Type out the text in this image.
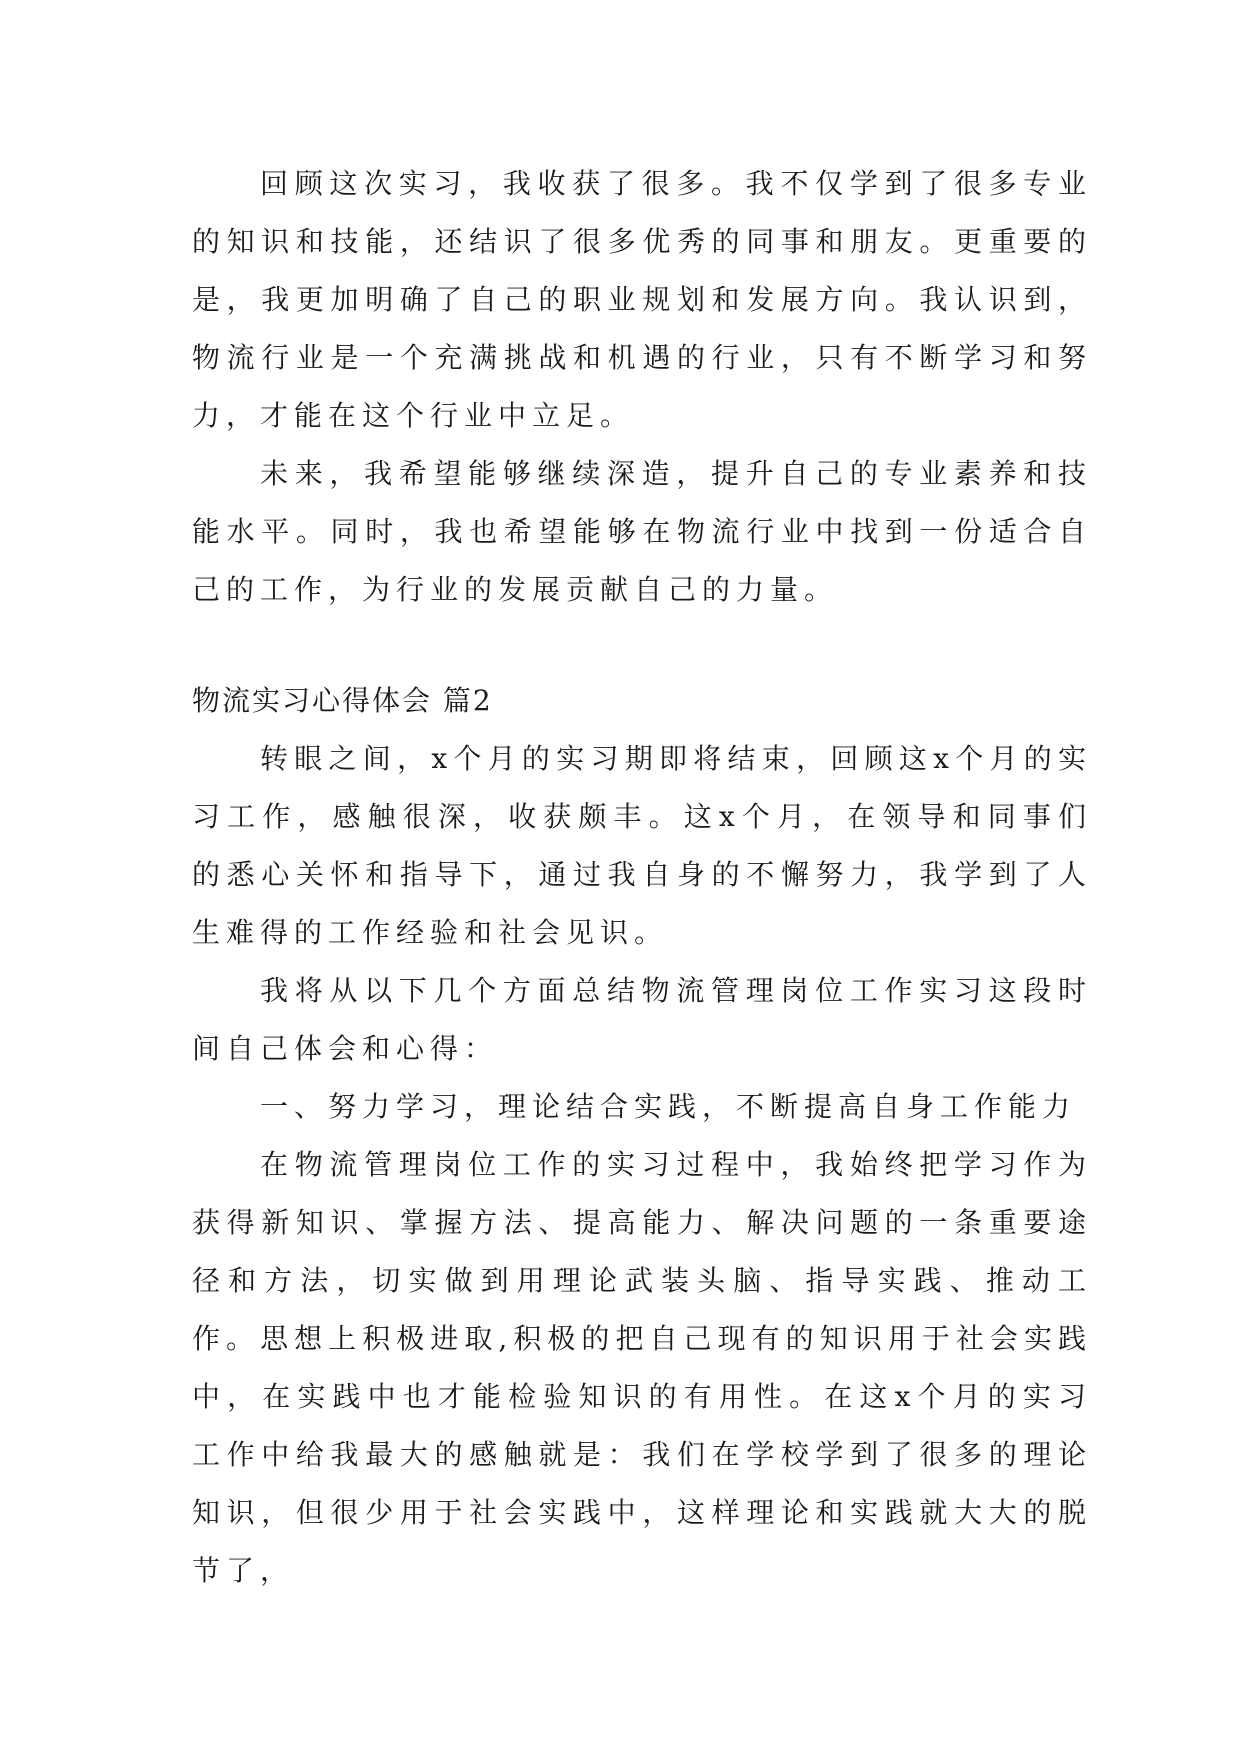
回顾这次实习，我收获了很多。我不仅学到了很多专业的知识和技能，还结识了很多优秀的同事和朋友。更重要的是，我更加明确了自己的职业规划和发展方向。我认识到，物流行业是一个充满挑战和机遇的行业，只有不断学习和努力，才能在这个行业中立足。

未来，我希望能够继续深造，提升自己的专业素养和技能水平。同时，我也希望能够在物流行业中找到一份适合自己的工作，为行业的发展贡献自己的力量。

物流实习心得体会 篇2

转眼之间，x个月的实习期即将结束，回顾这x个月的实习工作，感触很深，收获颇丰。这x个月，在领导和同事们的悉心关怀和指导下，通过我自身的不懈努力，我学到了人生难得的工作经验和社会见识。

我将从以下几个方面总结物流管理岗位工作实习这段时间自己体会和心得：

一、努力学习，理论结合实践，不断提高自身工作能力

在物流管理岗位工作的实习过程中，我始终把学习作为获得新知识、掌握方法、提高能力、解决问题的一条重要途径和方法，切实做到用理论武装头脑、指导实践、推动工作。思想上积极进取,积极的把自己现有的知识用于社会实践中，在实践中也才能检验知识的有用性。在这x个月的实习工作中给我最大的感触就是：我们在学校学到了很多的理论知识，但很少用于社会实践中，这样理论和实践就大大的脱节了，
